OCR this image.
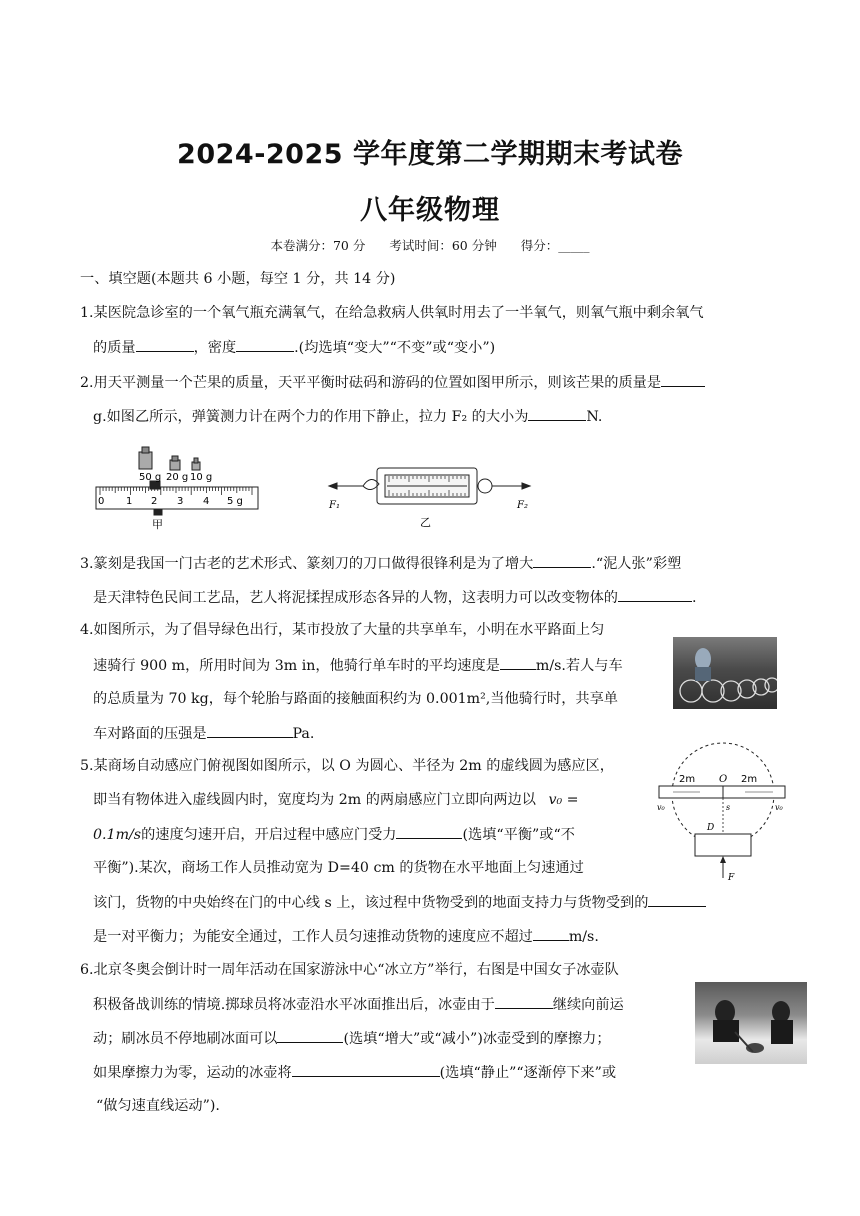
2024-2025 学年度第二学期期末考试卷
八年级物理
本卷满分：70 分 考试时间：60 分钟 得分：_____
一、填空题(本题共 6 小题，每空 1 分，共 14 分)
1.某医院急诊室的一个氧气瓶充满氧气，在给急救病人供氧时用去了一半氧气，则氧气瓶中剩余氧气
的质量	，密度	.(均选填“变大”“不变”或“变小”)
2.用天平测量一个芒果的质量，天平平衡时砝码和游码的位置如图甲所示，则该芒果的质量是
g.如图乙所示，弹簧测力计在两个力的作用下静止，拉力 F₂ 的大小为	N.
50 g 20 g 10 g
0 1 2 3 4 5 g
甲
F₁	F₂
乙
3.篆刻是我国一门古老的艺术形式、篆刻刀的刀口做得很锋利是为了增大	.“泥人张”彩塑
是天津特色民间工艺品，艺人将泥揉捏成形态各异的人物，这表明力可以改变物体的	.
4.如图所示，为了倡导绿色出行，某市投放了大量的共享单车，小明在水平路面上匀
速骑行 900 m，所用时间为 3m in，他骑行单车时的平均速度是	m/s.若人与车
的总质量为 70 kg，每个轮胎与路面的接触面积约为 0.001m²,当他骑行时，共享单
车对路面的压强是	Pa.
5.某商场自动感应门俯视图如图所示，以 O 为圆心、半径为 2m 的虚线圆为感应区，
即当有物体进入虚线圆内时，宽度均为 2m 的两扇感应门立即向两边以 v₀ =
0.1m/s的速度匀速开启，开启过程中感应门受力	(选填“平衡”或“不
平衡”).某次，商场工作人员推动宽为 D=40 cm 的货物在水平地面上匀速通过
该门，货物的中央始终在门的中心线 s 上，该过程中货物受到的地面支持力与货物受到的
是一对平衡力；为能安全通过，工作人员匀速推动货物的速度应不超过	m/s.
2m O 2m
v₀	v₀
s
D
F
6.北京冬奥会倒计时一周年活动在国家游泳中心“冰立方”举行，右图是中国女子冰壶队
积极备战训练的情境.掷球员将冰壶沿水平冰面推出后，冰壶由于	继续向前运
动；刷冰员不停地刷冰面可以	(选填“增大”或“减小”)冰壶受到的摩擦力；
如果摩擦力为零，运动的冰壶将	(选填“静止”“逐渐停下来”或
“做匀速直线运动”).
